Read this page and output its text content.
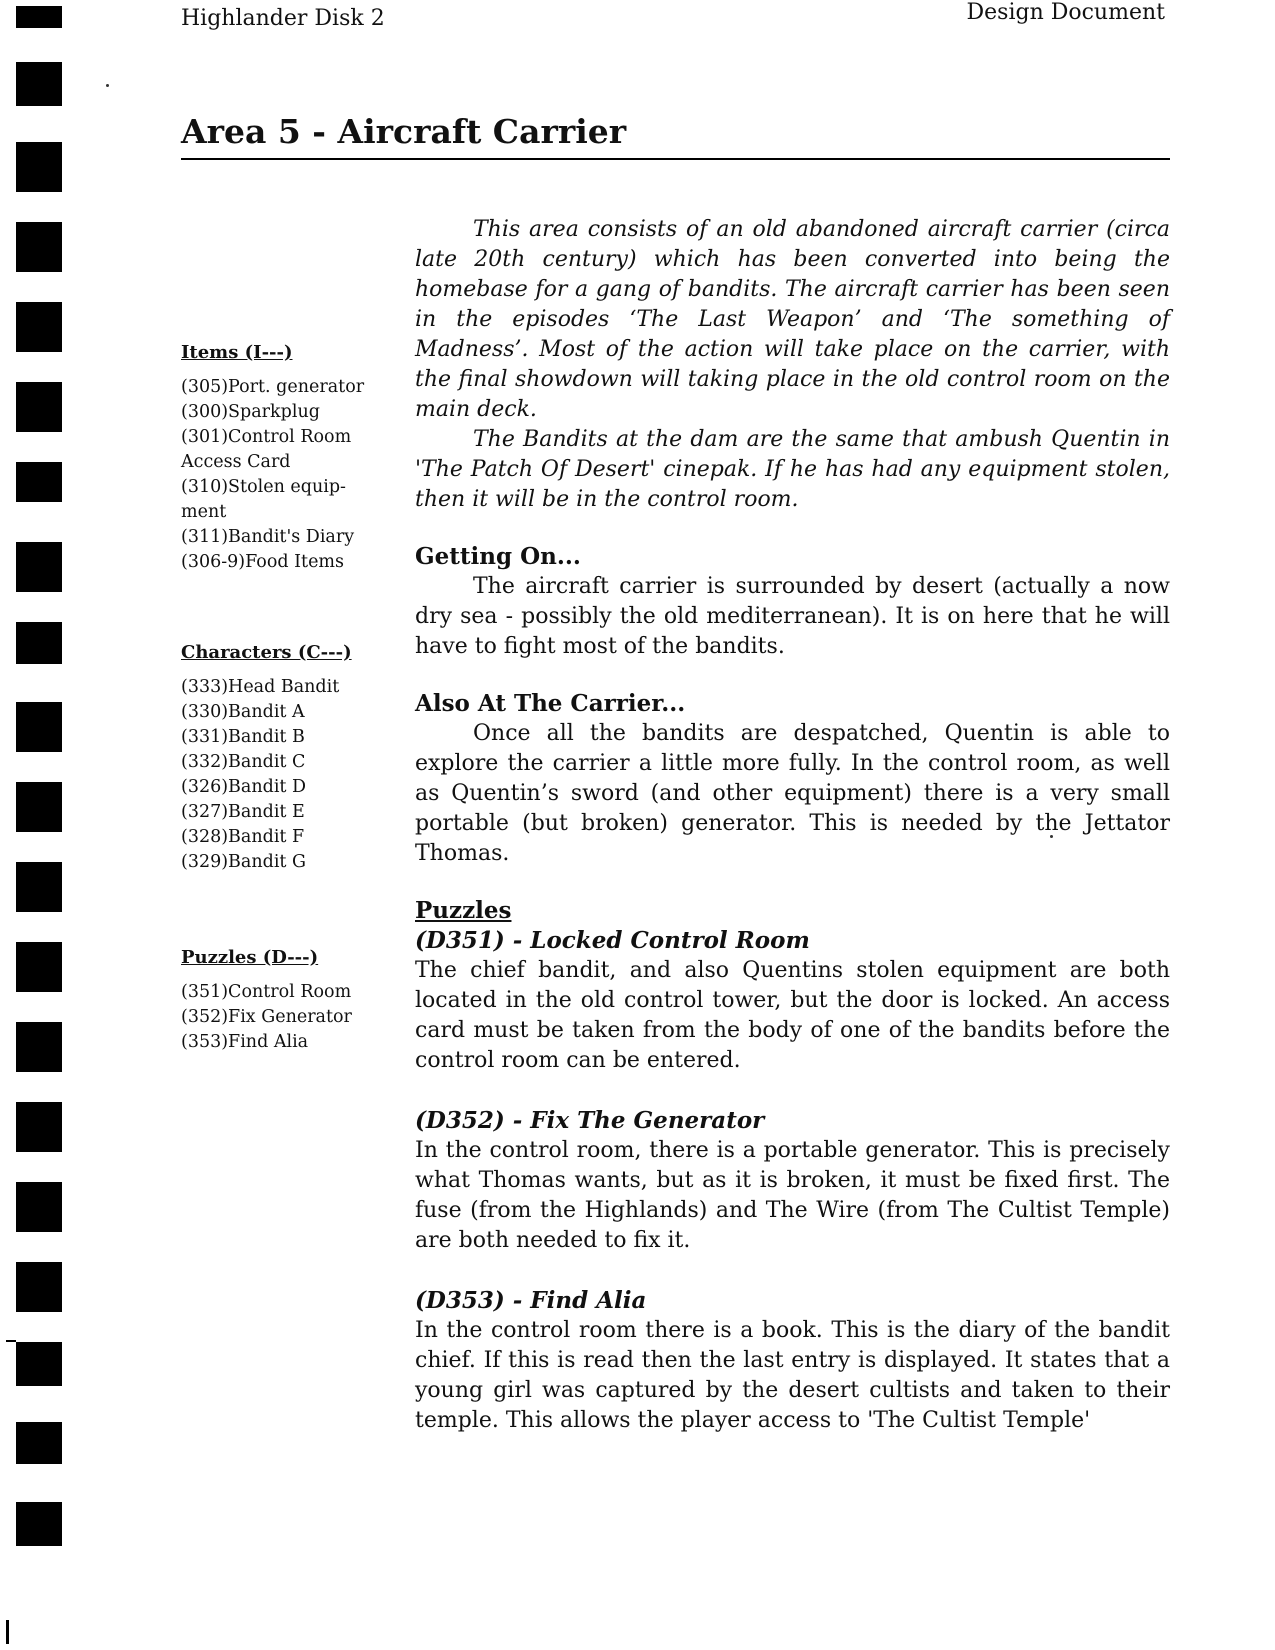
Highlander Disk 2	Design Document
Area 5 - Aircraft Carrier
Items (I---)
(305)Port. generator
(300)Sparkplug
(301)Control Room Access Card
(310)Stolen equip-ment
(311)Bandit's Diary
(306-9)Food Items
Characters (C---)
(333)Head Bandit
(330)Bandit A
(331)Bandit B
(332)Bandit C
(326)Bandit D
(327)Bandit E
(328)Bandit F
(329)Bandit G
Puzzles (D---)
(351)Control Room
(352)Fix Generator
(353)Find Alia

This area consists of an old abandoned aircraft carrier (circa late 20th century) which has been converted into being the homebase for a gang of bandits. The aircraft carrier has been seen in the episodes ‘The Last Weapon’ and ‘The something of Madness’. Most of the action will take place on the carrier, with the final showdown will taking place in the old control room on the main deck.

The Bandits at the dam are the same that ambush Quentin in 'The Patch Of Desert' cinepak. If he has had any equipment stolen, then it will be in the control room.

Getting On...

The aircraft carrier is surrounded by desert (actually a now dry sea - possibly the old mediterranean). It is on here that he will have to fight most of the bandits.

Also At The Carrier...

Once all the bandits are despatched, Quentin is able to explore the carrier a little more fully. In the control room, as well as Quentin’s sword (and other equipment) there is a very small portable (but broken) generator. This is needed by the Jettator Thomas.

Puzzles
(D351) - Locked Control Room

The chief bandit, and also Quentins stolen equipment are both located in the old control tower, but the door is locked. An access card must be taken from the body of one of the bandits before the control room can be entered.

(D352) - Fix The Generator

In the control room, there is a portable generator. This is precisely what Thomas wants, but as it is broken, it must be fixed first. The fuse (from the Highlands) and The Wire (from The Cultist Temple) are both needed to fix it.

(D353) - Find Alia

In the control room there is a book. This is the diary of the bandit chief. If this is read then the last entry is displayed. It states that a young girl was captured by the desert cultists and taken to their temple. This allows the player access to 'The Cultist Temple'
